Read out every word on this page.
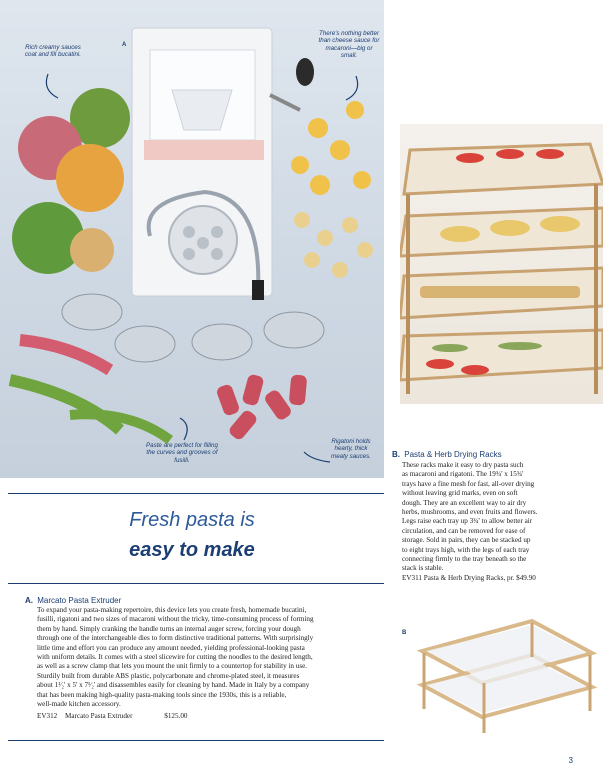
A
Rich creamy sauces coat and fill bucatini.
There's nothing better than cheese sauce for macaroni—big or small.
Paste are perfect for filling the curves and grooves of fusilli.
Rigatoni holds hearty, thick meaty sauces.
Fresh pasta is
easy to make
A. Marcato Pasta Extruder
To expand your pasta-making repertoire, this device lets you create fresh, homemade bucatini,
fusilli, rigatoni and two sizes of macaroni without the tricky, time-consuming process of forming
them by hand. Simply cranking the handle turns an internal auger screw, forcing your dough
through one of the interchangeable dies to form distinctive traditional patterns. With surprisingly
little time and effort you can produce any amount needed, yielding professional-looking pasta
with uniform details. It comes with a steel slicewire for cutting the noodles to the desired length,
as well as a screw clamp that lets you mount the unit firmly to a countertop for stability in use.
Sturdily built from durable ABS plastic, polycarbonate and chrome-plated steel, it measures
about 1¹⁄₂' x 5' x 7¹⁄₂' and disassembles easily for cleaning by hand. Made in Italy by a company
that has been making high-quality pasta-making tools since the 1930s, this is a reliable,
well-made kitchen accessory.
EV312 Marcato Pasta Extruder	$125.00
B. Pasta & Herb Drying Racks
These racks make it easy to dry pasta such
as macaroni and rigatoni. The 19¾' x 15¾'
trays have a fine mesh for fast, all-over drying
without leaving grid marks, even on soft
dough. They are an excellent way to air dry
herbs, mushrooms, and even fruits and flowers.
Legs raise each tray up 3¾' to allow better air
circulation, and can be removed for ease of
storage. Sold in pairs, they can be stacked up
to eight trays high, with the legs of each tray
connecting firmly to the tray beneath so the
stack is stable.
EV311 Pasta & Herb Drying Racks, pr. $49.90
B
3
